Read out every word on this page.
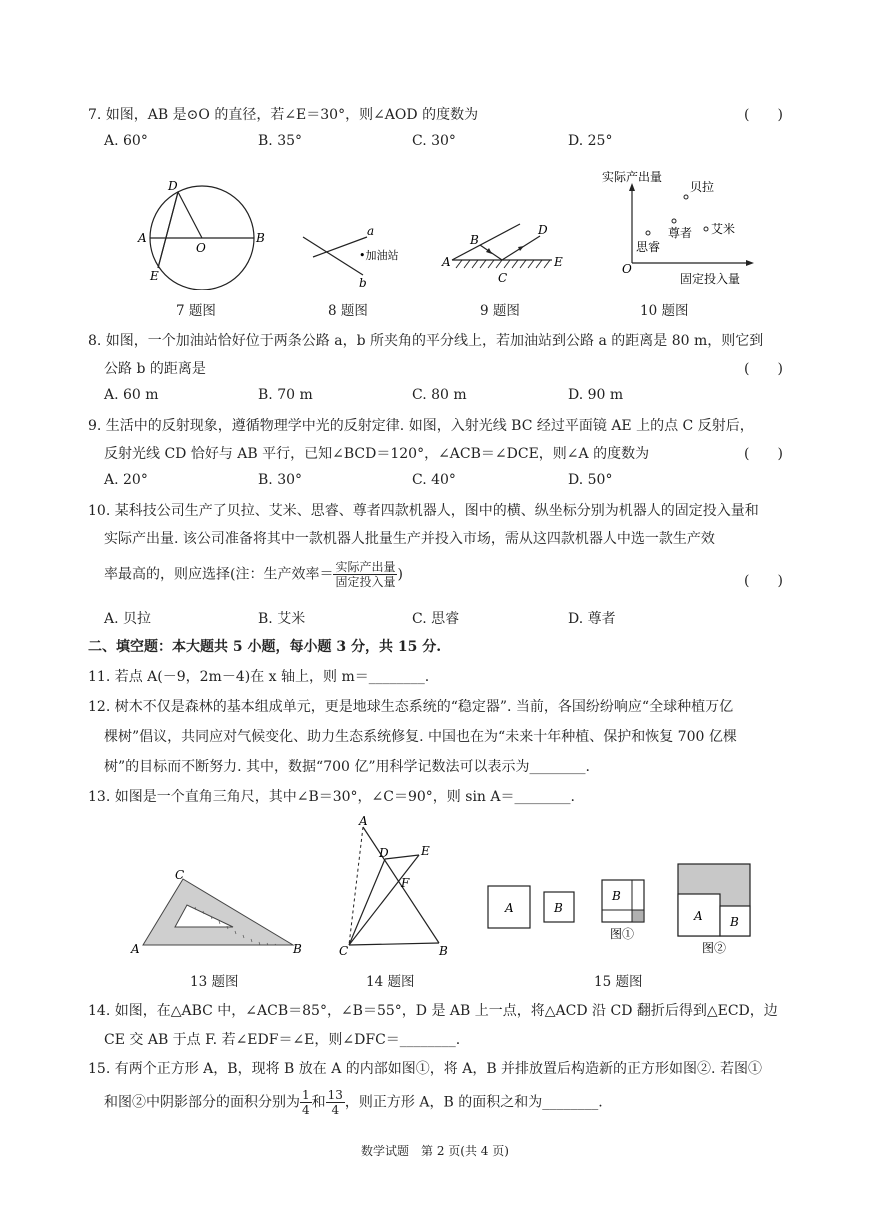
7. 如图，AB 是⊙O 的直径，若∠E＝30°，则∠AOD 的度数为	(　　)
A. 60°	B. 35°	C. 30°	D. 25°
D
A
O
B
E
a
b
•加油站
B
D
A
C
E
实际产出量
固定投入量
O
贝拉
尊者 艾米
思睿
7 题图	8 题图	9 题图	10 题图
8. 如图，一个加油站恰好位于两条公路 a，b 所夹角的平分线上，若加油站到公路 a 的距离是 80 m，则它到
公路 b 的距离是	(　　)
A. 60 m	B. 70 m	C. 80 m	D. 90 m
9. 生活中的反射现象，遵循物理学中光的反射定律. 如图，入射光线 BC 经过平面镜 AE 上的点 C 反射后，
反射光线 CD 恰好与 AB 平行，已知∠BCD＝120°，∠ACB＝∠DCE，则∠A 的度数为	(　　)
A. 20°	B. 30°	C. 40°	D. 50°
10. 某科技公司生产了贝拉、艾米、思睿、尊者四款机器人，图中的横、纵坐标分别为机器人的固定投入量和
实际产出量. 该公司准备将其中一款机器人批量生产并投入市场，需从这四款机器人中选一款生产效
率最高的，则应选择(注：生产效率＝ $\frac{\text{实际产出量}}{\text{固定投入量}}$ )	(　　)
A. 贝拉	B. 艾米	C. 思睿	D. 尊者
二、填空题：本大题共 5 小题，每小题 3 分，共 15 分.
11. 若点 A(－9，2m－4)在 x 轴上，则 m＝________.
12. 树木不仅是森林的基本组成单元，更是地球生态系统的“稳定器”. 当前，各国纷纷响应“全球种植万亿
棵树”倡议，共同应对气候变化、助力生态系统修复. 中国也在为“未来十年种植、保护和恢复 700 亿棵
树”的目标而不断努力. 其中，数据“700 亿”用科学记数法可以表示为________.
13. 如图是一个直角三角尺，其中∠B＝30°，∠C＝90°，则 sin A＝________.
C
A	B
A
D	E
F
C	B
A	B
B
图①
A B
图②
13 题图	14 题图	15 题图
14. 如图，在△ABC 中，∠ACB＝85°，∠B＝55°，D 是 AB 上一点，将△ACD 沿 CD 翻折后得到△ECD，边
CE 交 AB 于点 F. 若∠EDF＝∠E，则∠DFC＝________.
15. 有两个正方形 A，B，现将 B 放在 A 的内部如图①，将 A，B 并排放置后构造新的正方形如图②. 若图①
和图②中阴影部分的面积分别为 $\frac{1}{4}$ 和 $\frac{13}{4}$ ，则正方形 A，B 的面积之和为________.
数学试题　第 2 页(共 4 页)
